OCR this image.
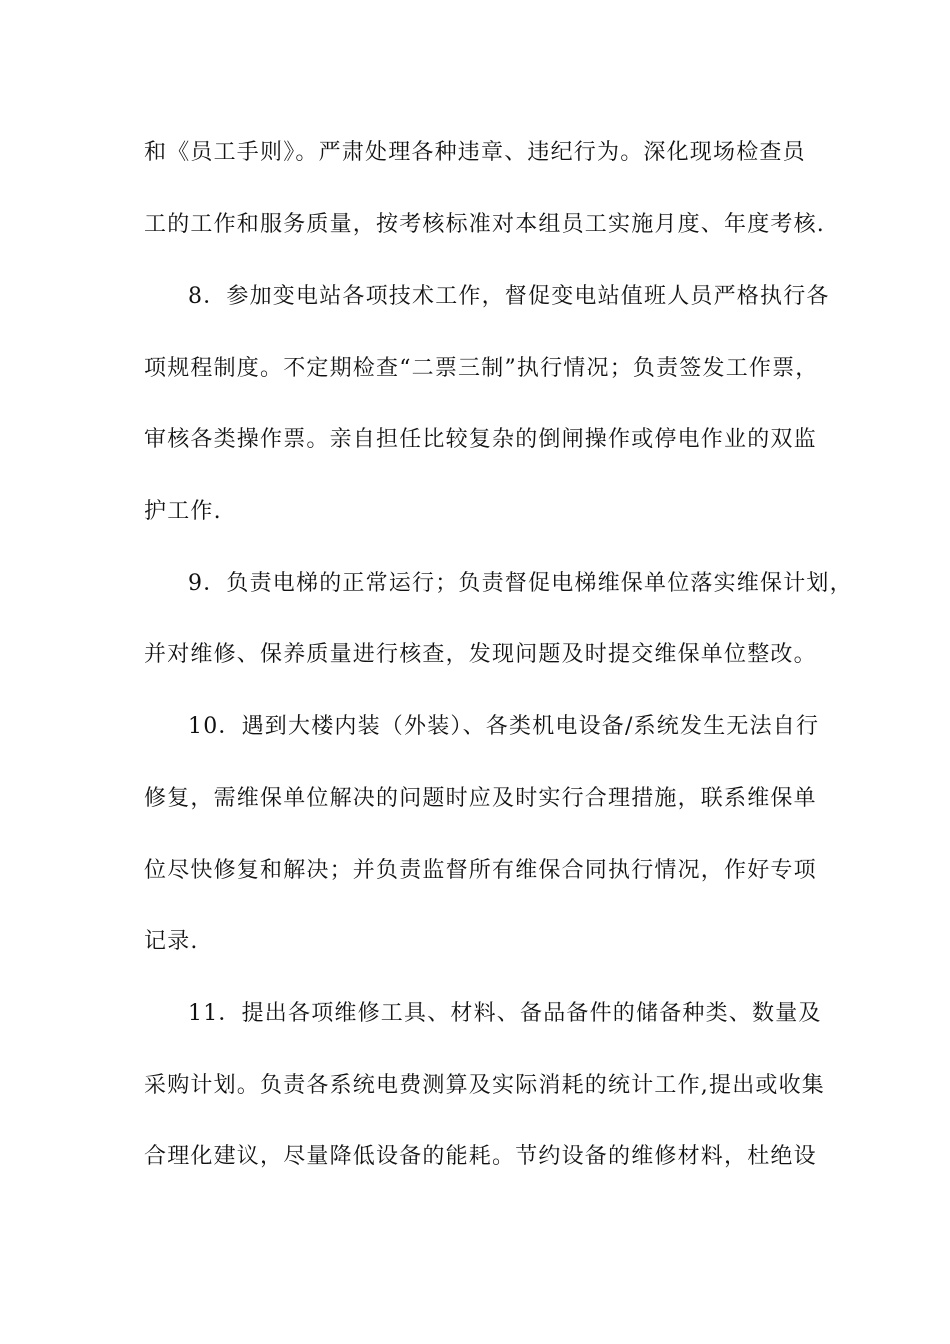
和《员工手则》。严肃处理各种违章、违纪行为。深化现场检查员
工的工作和服务质量，按考核标准对本组员工实施月度、年度考核.
8．参加变电站各项技术工作，督促变电站值班人员严格执行各
项规程制度。不定期检查“二票三制”执行情况；负责签发工作票，
审核各类操作票。亲自担任比较复杂的倒闸操作或停电作业的双监
护工作.
9．负责电梯的正常运行；负责督促电梯维保单位落实维保计划，
并对维修、保养质量进行核查，发现问题及时提交维保单位整改。
10．遇到大楼内装（外装）、各类机电设备/系统发生无法自行
修复，需维保单位解决的问题时应及时实行合理措施，联系维保单
位尽快修复和解决；并负责监督所有维保合同执行情况，作好专项
记录.
11．提出各项维修工具、材料、备品备件的储备种类、数量及
采购计划。负责各系统电费测算及实际消耗的统计工作,提出或收集
合理化建议，尽量降低设备的能耗。节约设备的维修材料，杜绝设
